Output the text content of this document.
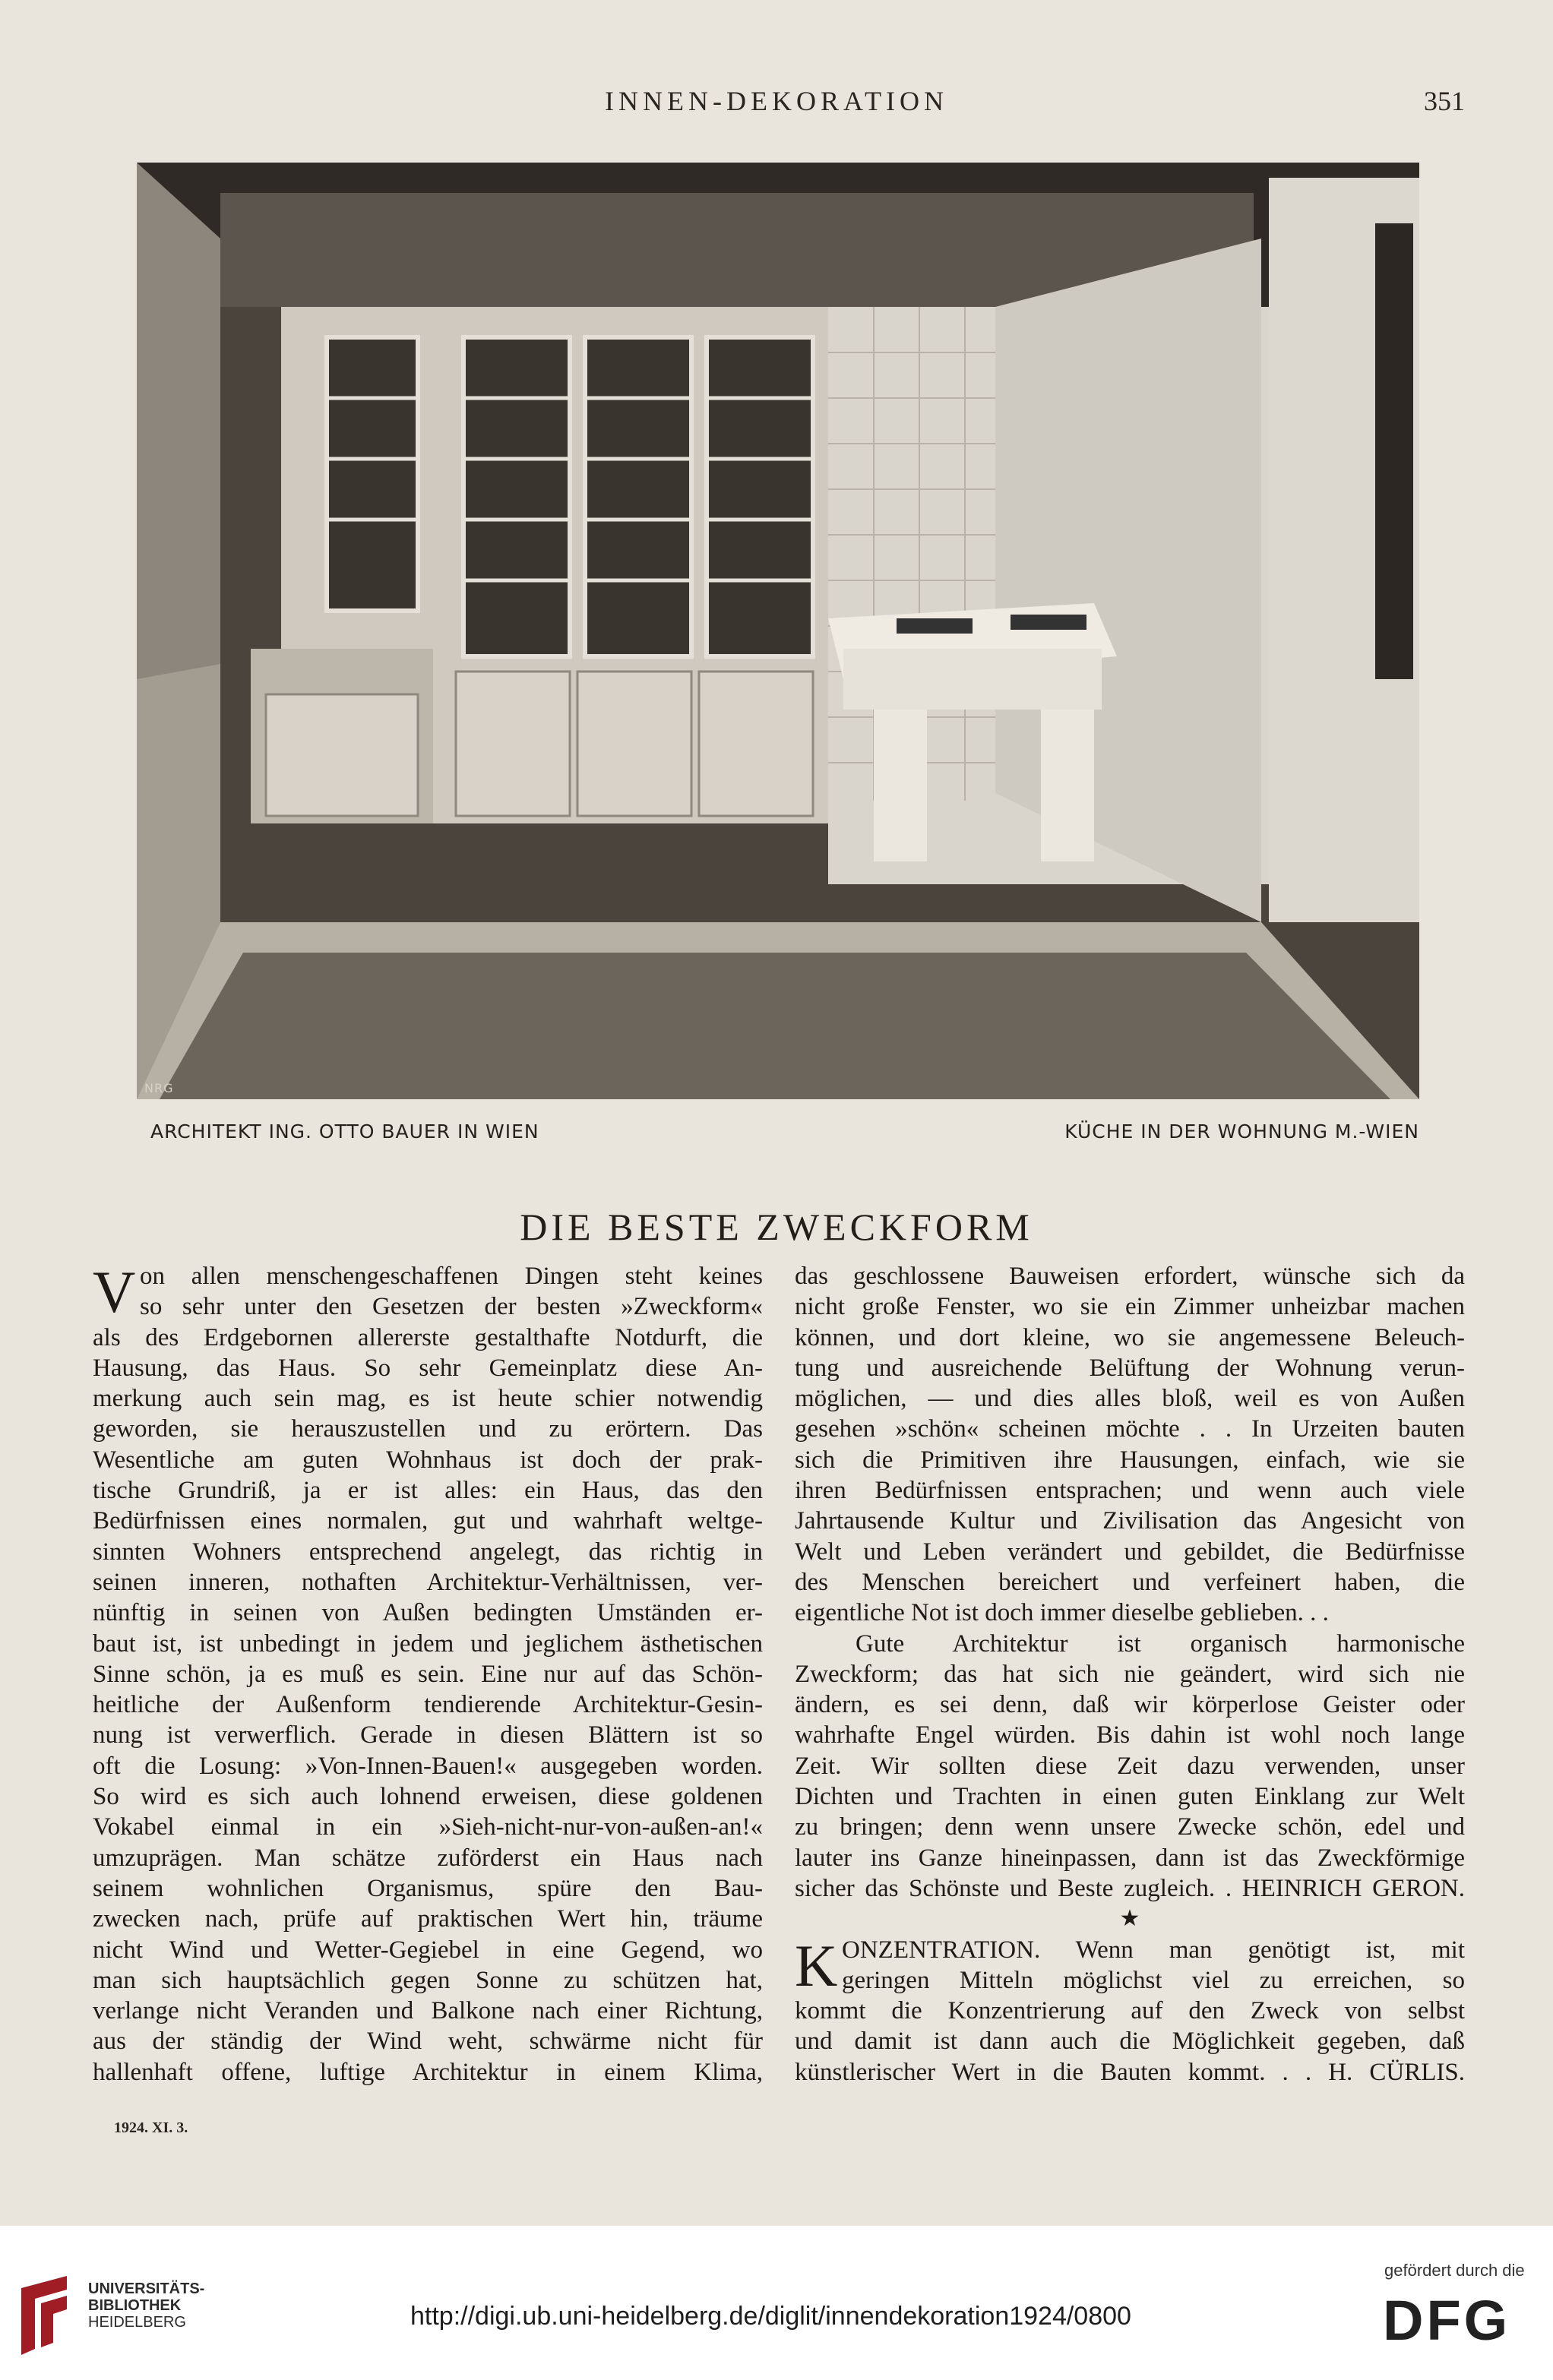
INNEN-DEKORATION	351
NRG
ARCHITEKT ING. OTTO BAUER IN WIEN	KÜCHE IN DER WOHNUNG M.-WIEN
DIE BESTE ZWECKFORM
V on allen menschengeschaffenen Dingen steht keines
so sehr unter den Gesetzen der besten »Zweckform«
als des Erdgebornen allererste gestalthafte Notdurft, die
Hausung, das Haus. So sehr Gemeinplatz diese An-
merkung auch sein mag, es ist heute schier notwendig
geworden, sie herauszustellen und zu erörtern. Das
Wesentliche am guten Wohnhaus ist doch der prak-
tische Grundriß, ja er ist alles: ein Haus, das den
Bedürfnissen eines normalen, gut und wahrhaft weltge-
sinnten Wohners entsprechend angelegt, das richtig in
seinen inneren, nothaften Architektur-Verhältnissen, ver-
nünftig in seinen von Außen bedingten Umständen er-
baut ist, ist unbedingt in jedem und jeglichem ästhetischen
Sinne schön, ja es muß es sein. Eine nur auf das Schön-
heitliche der Außenform tendierende Architektur-Gesin-
nung ist verwerflich. Gerade in diesen Blättern ist so
oft die Losung: »Von-Innen-Bauen!« ausgegeben worden.
So wird es sich auch lohnend erweisen, diese goldenen
Vokabel einmal in ein »Sieh-nicht-nur-von-außen-an!«
umzuprägen. Man schätze zuförderst ein Haus nach
seinem wohnlichen Organismus, spüre den Bau-
zwecken nach, prüfe auf praktischen Wert hin, träume
nicht Wind und Wetter-Gegiebel in eine Gegend, wo
man sich hauptsächlich gegen Sonne zu schützen hat,
verlange nicht Veranden und Balkone nach einer Richtung,
aus der ständig der Wind weht, schwärme nicht für
hallenhaft offene, luftige Architektur in einem Klima,
das geschlossene Bauweisen erfordert, wünsche sich da
nicht große Fenster, wo sie ein Zimmer unheizbar machen
können, und dort kleine, wo sie angemessene Beleuch-
tung und ausreichende Belüftung der Wohnung verun-
möglichen, — und dies alles bloß, weil es von Außen
gesehen »schön« scheinen möchte . . In Urzeiten bauten
sich die Primitiven ihre Hausungen, einfach, wie sie
ihren Bedürfnissen entsprachen; und wenn auch viele
Jahrtausende Kultur und Zivilisation das Angesicht von
Welt und Leben verändert und gebildet, die Bedürfnisse
des Menschen bereichert und verfeinert haben, die
eigentliche Not ist doch immer dieselbe geblieben. . .
Gute Architektur ist organisch harmonische
Zweckform; das hat sich nie geändert, wird sich nie
ändern, es sei denn, daß wir körperlose Geister oder
wahrhafte Engel würden. Bis dahin ist wohl noch lange
Zeit. Wir sollten diese Zeit dazu verwenden, unser
Dichten und Trachten in einen guten Einklang zur Welt
zu bringen; denn wenn unsere Zwecke schön, edel und
lauter ins Ganze hineinpassen, dann ist das Zweckförmige
sicher das Schönste und Beste zugleich. . HEINRICH GERON.
★
K ONZENTRATION. Wenn man genötigt ist, mit
geringen Mitteln möglichst viel zu erreichen, so
kommt die Konzentrierung auf den Zweck von selbst
und damit ist dann auch die Möglichkeit gegeben, daß
künstlerischer Wert in die Bauten kommt. . . H. CÜRLIS.
1924. XI. 3.
UNIVERSITÄTS-
BIBLIOTHEK
HEIDELBERG	http://digi.ub.uni-heidelberg.de/diglit/innendekoration1924/0800
gefördert durch die
DFG
